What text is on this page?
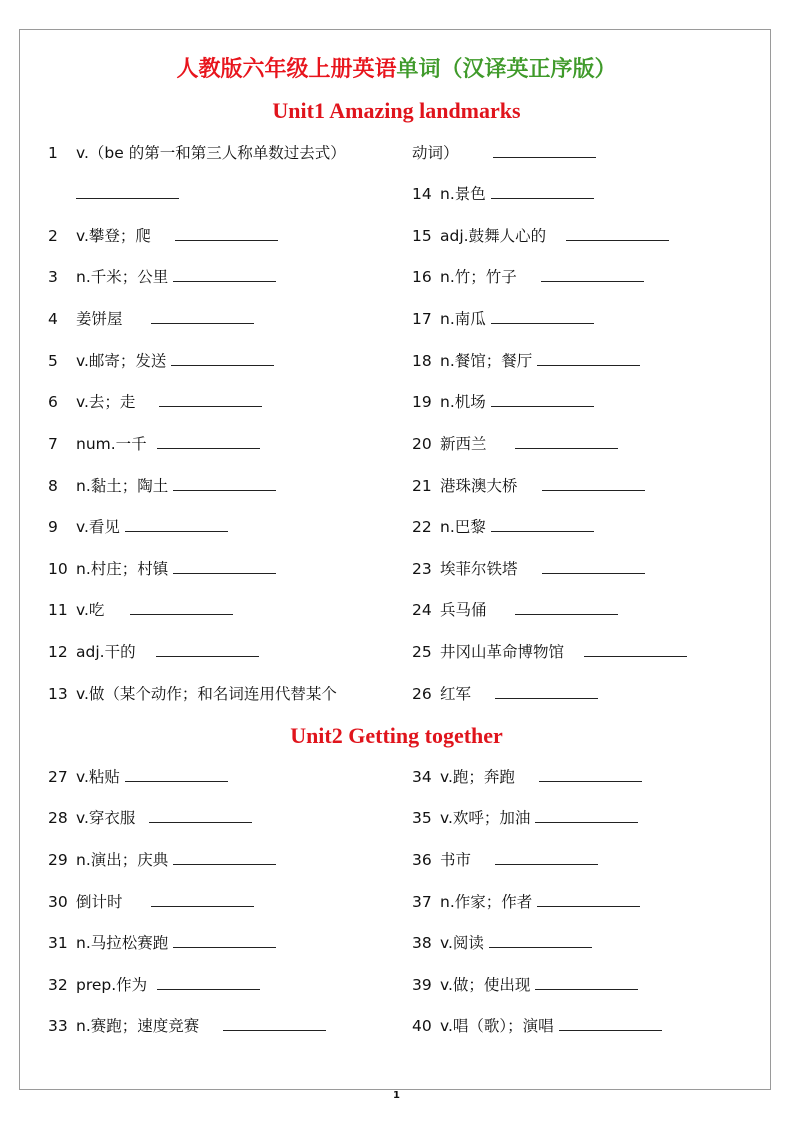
人教版六年级上册英语单词（汉译英正序版）
Unit1 Amazing landmarks
1 v.（be 的第一和第三人称单数过去式）
2 v.攀登；爬
3 n.千米；公里
4 姜饼屋
5 v.邮寄；发送
6 v.去；走
7 num.一千
8 n.黏土；陶土
9 v.看见
10 n.村庄；村镇
11 v.吃
12 adj.干的
13 v.做（某个动作；和名词连用代替某个
动词）
14 n.景色
15 adj.鼓舞人心的
16 n.竹；竹子
17 n.南瓜
18 n.餐馆；餐厅
19 n.机场
20 新西兰
21 港珠澳大桥
22 n.巴黎
23 埃菲尔铁塔
24 兵马俑
25 井冈山革命博物馆
26 红军
Unit2 Getting together
27 v.粘贴
28 v.穿衣服
29 n.演出；庆典
30 倒计时
31 n.马拉松赛跑
32 prep.作为
33 n.赛跑；速度竞赛
34 v.跑；奔跑
35 v.欢呼；加油
36 书市
37 n.作家；作者
38 v.阅读
39 v.做；使出现
40 v.唱（歌）；演唱
1
